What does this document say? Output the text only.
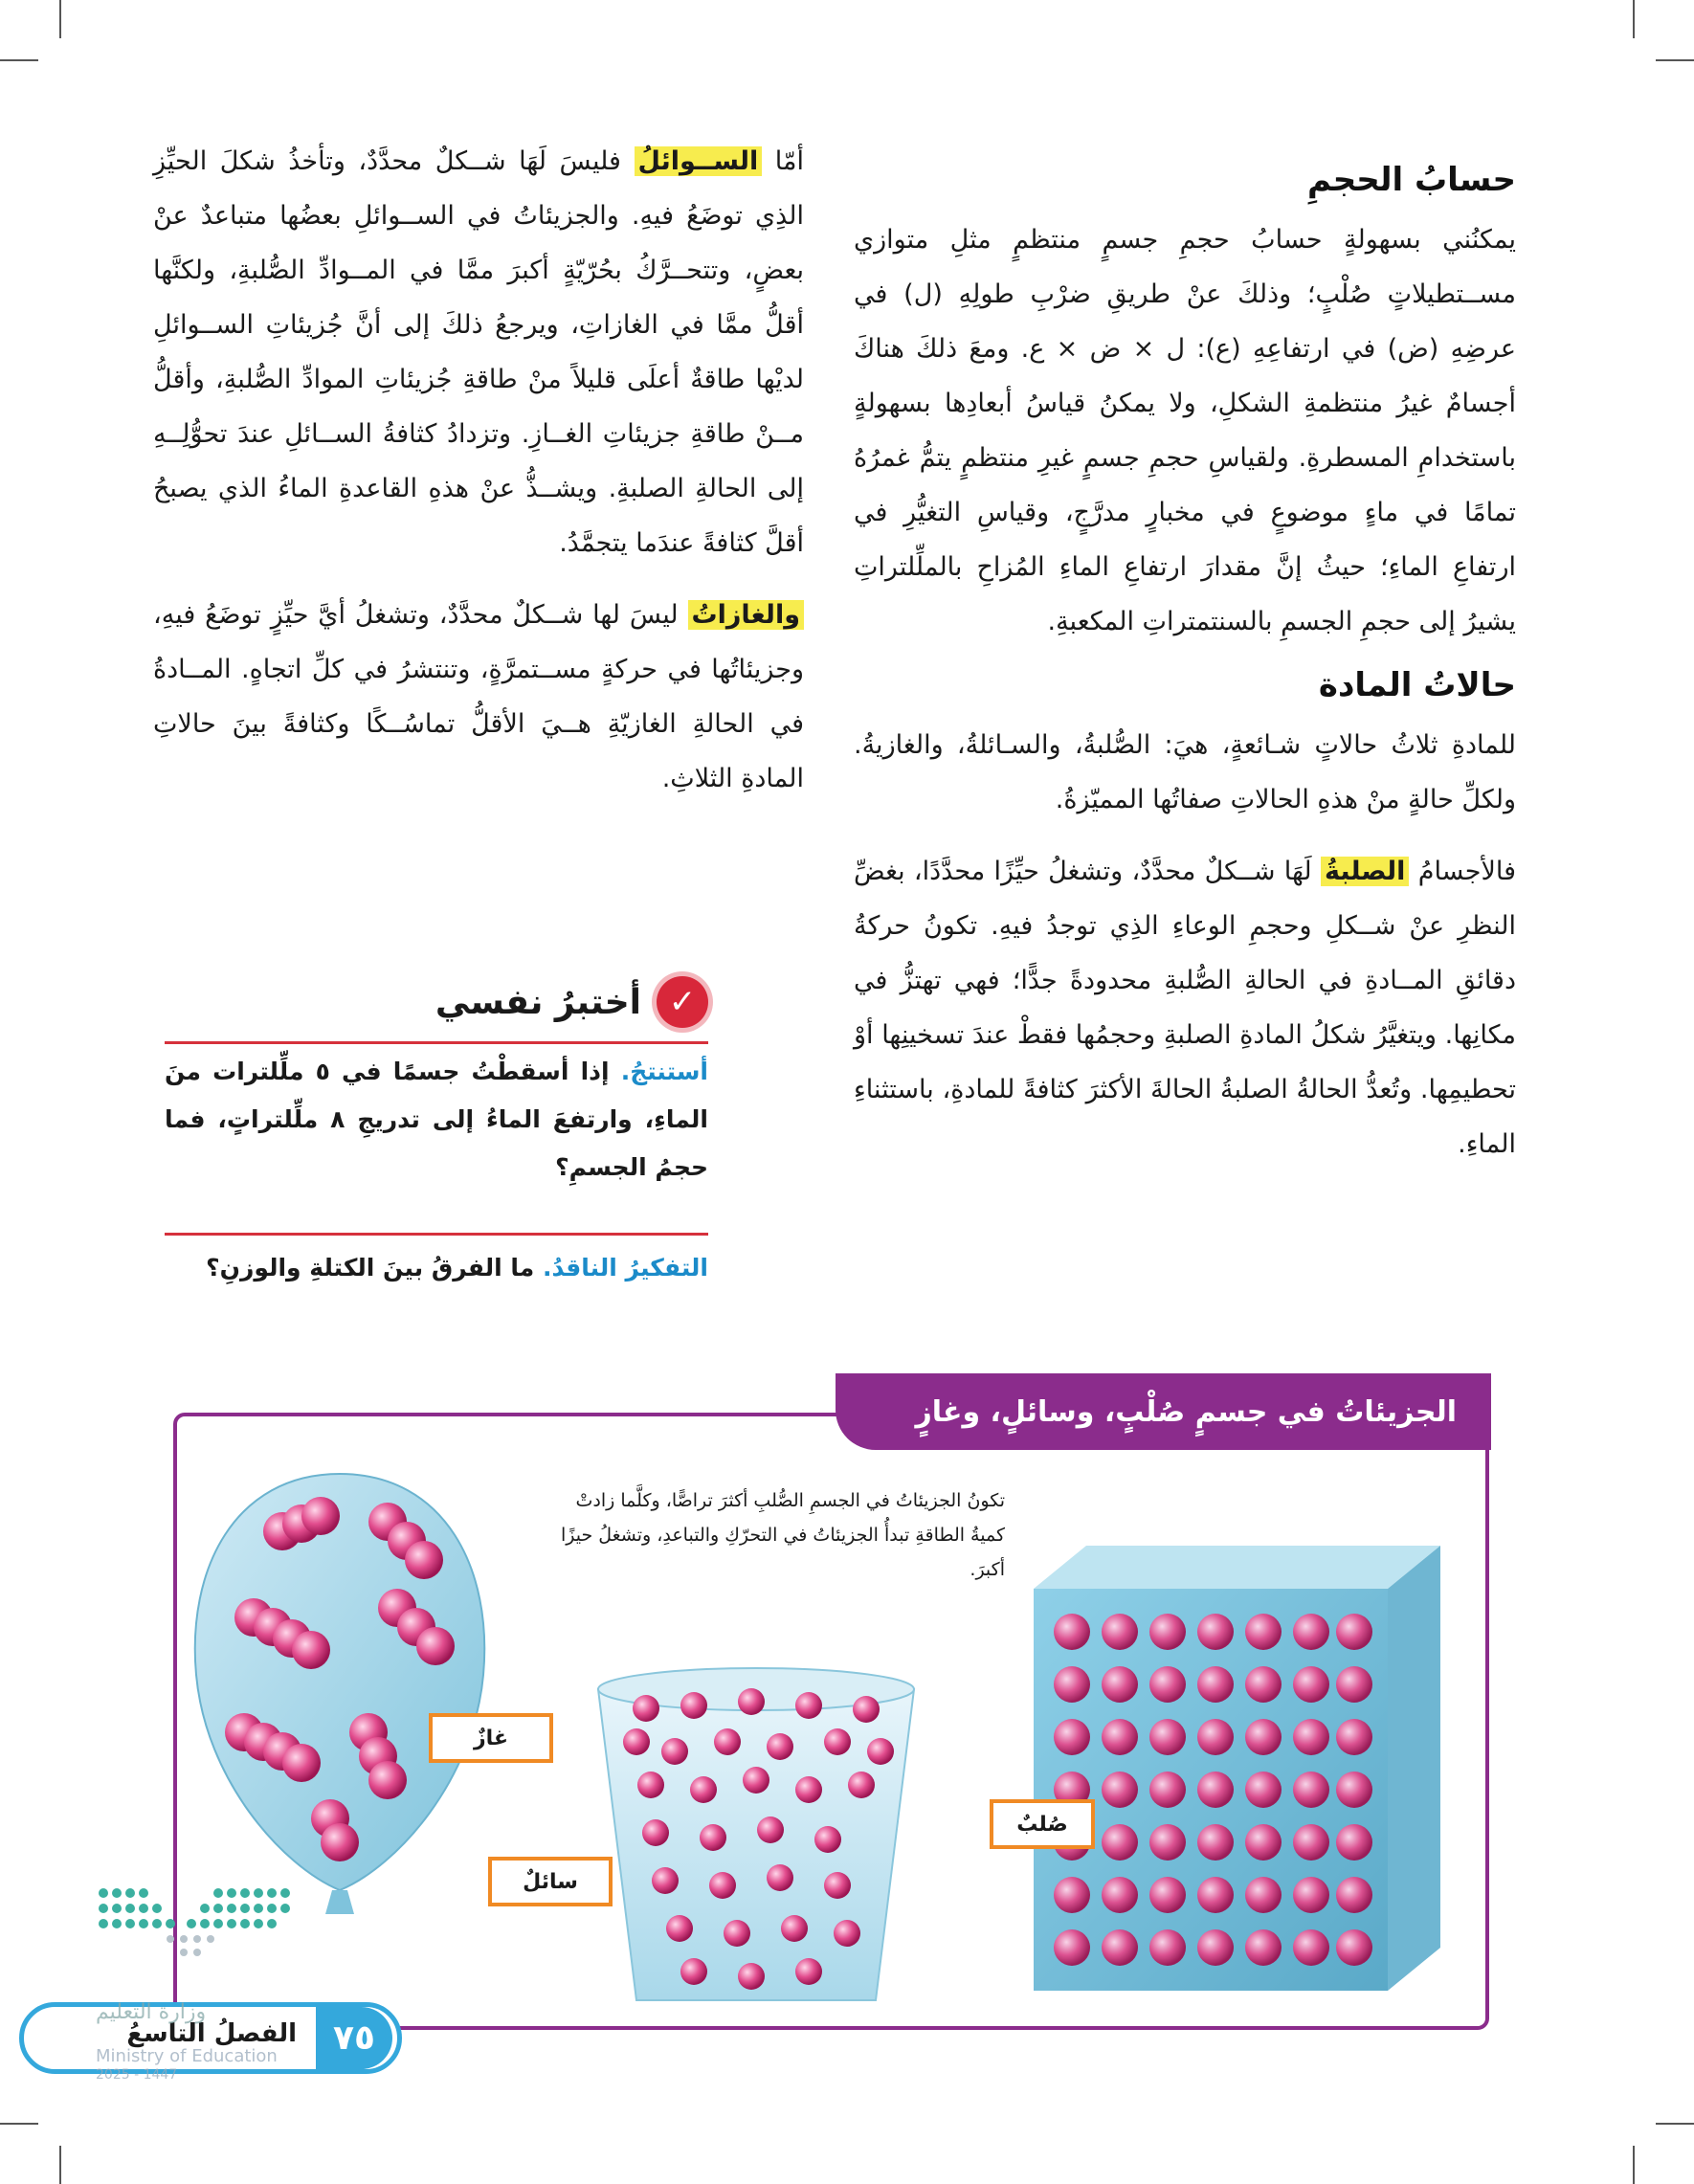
حسابُ الحجمِ

يمكنُني بسهولةٍ حسابُ حجمِ جسمٍ منتظمٍ مثلِ متوازي مســتطيلاتٍ صُلْبٍ؛ وذلكَ عنْ طريقِ ضرْبِ طولِهِ (ل) في عرضِهِ (ض) في ارتفاعِهِ (ع): ل × ض × ع. ومعَ ذلكَ هناكَ أجسامٌ غيرُ منتظمةِ الشكلِ، ولا يمكنُ قياسُ أبعادِها بسهولةٍ باستخدامِ المسطرةِ. ولقياسِ حجمِ جسمٍ غيرِ منتظمٍ يتمُّ غمرُهُ تمامًا في ماءٍ موضوعٍ في مخبارٍ مدرَّجٍ، وقياسِ التغيُّرِ في ارتفاعِ الماءِ؛ حيثُ إنَّ مقدارَ ارتفاعِ الماءِ المُزاحِ بالملِّلتراتِ يشيرُ إلى حجمِ الجسمِ بالسنتمتراتِ المكعبةِ.

حالاتُ المادة

للمادةِ ثلاثُ حالاتٍ شـائعةٍ، هيَ: الصُّلبةُ، والسـائلةُ، والغازيةُ. ولكلِّ حالةٍ منْ هذهِ الحالاتِ صفاتُها المميّزةُ.

فالأجسامُ الصلبةُ لَهَا شــكلٌ محدَّدٌ، وتشغلُ حيِّزًا محدَّدًا، بغضِّ النظرِ عنْ شــكلِ وحجمِ الوعاءِ الذِي توجدُ فيهِ. تكونُ حركةُ دقائقِ المــادةِ في الحالةِ الصُّلبةِ محدودةً جدًّا؛ فهي تهتزُّ في مكانِها. ويتغيَّرُ شكلُ المادةِ الصلبةِ وحجمُها فقطْ عندَ تسخينِها أوْ تحطيمِها. وتُعدُّ الحالةُ الصلبةُ الحالةَ الأكثرَ كثافةً للمادةِ، باستثناءِ الماءِ.

أمّا الســوائلُ فليسَ لَهَا شــكلٌ محدَّدٌ، وتأخذُ شكلَ الحيِّزِ الذِي توضَعُ فيهِ. والجزيئاتُ في الســوائلِ بعضُها متباعدٌ عنْ بعضٍ، وتتحــرَّكُ بحُرّيّةٍ أكبرَ ممَّا في المــوادِّ الصُّلبةِ، ولكنَّها أقلُّ ممَّا في الغازاتِ، ويرجعُ ذلكَ إلى أنَّ جُزيئاتِ الســوائلِ لديْها طاقةٌ أعلَى قليلاً منْ طاقةِ جُزيئاتِ الموادِّ الصُّلبةِ، وأقلُّ مــنْ طاقةِ جزيئاتِ الغــازِ. وتزدادُ كثافةُ الســائلِ عندَ تحوُّلِــهِ إلى الحالةِ الصلبةِ. ويشــذُّ عنْ هذهِ القاعدةِ الماءُ الذي يصبحُ أقلَّ كثافةً عندَما يتجمَّدُ.

والغازاتُ ليسَ لها شــكلٌ محدَّدٌ، وتشغلُ أيَّ حيِّزٍ توضَعُ فيهِ، وجزيئاتُها في حركةٍ مســتمرَّةٍ، وتنتشرُ في كلِّ اتجاهٍ. المــادةُ في الحالةِ الغازيّةِ هــيَ الأقلُّ تماسُــكًا وكثافةً بينَ حالاتِ المادةِ الثلاثِ.

✓
أختبرُ نفسي
أستنتجُ. إذا أسقطْتُ جسمًا في ٥ ملِّلترات منَ الماءِ، وارتفعَ الماءُ إلى تدريجِ ٨ ملِّلتراتٍ، فما حجمُ الجسمِ؟
التفكيرُ الناقدُ. ما الفرقُ بينَ الكتلةِ والوزنِ؟
الجزيئاتُ في جسمٍ صُلْبٍ، وسائلٍ، وغازٍ
تكونُ الجزيئاتُ في الجسمِ الصُّلبِ أكثرَ تراصًّا، وكلَّما زادتْ كميةُ الطاقةِ تبدأُ الجزيئاتُ في التحرّكِ والتباعدِ، وتشغلُ حيزًا أكبرَ.
غازٌ
سائلٌ
صُلبٌ
٧٥
الفصلُ التاسعُ
وزارة التعليم
Ministry of Education
2025 - 1447
